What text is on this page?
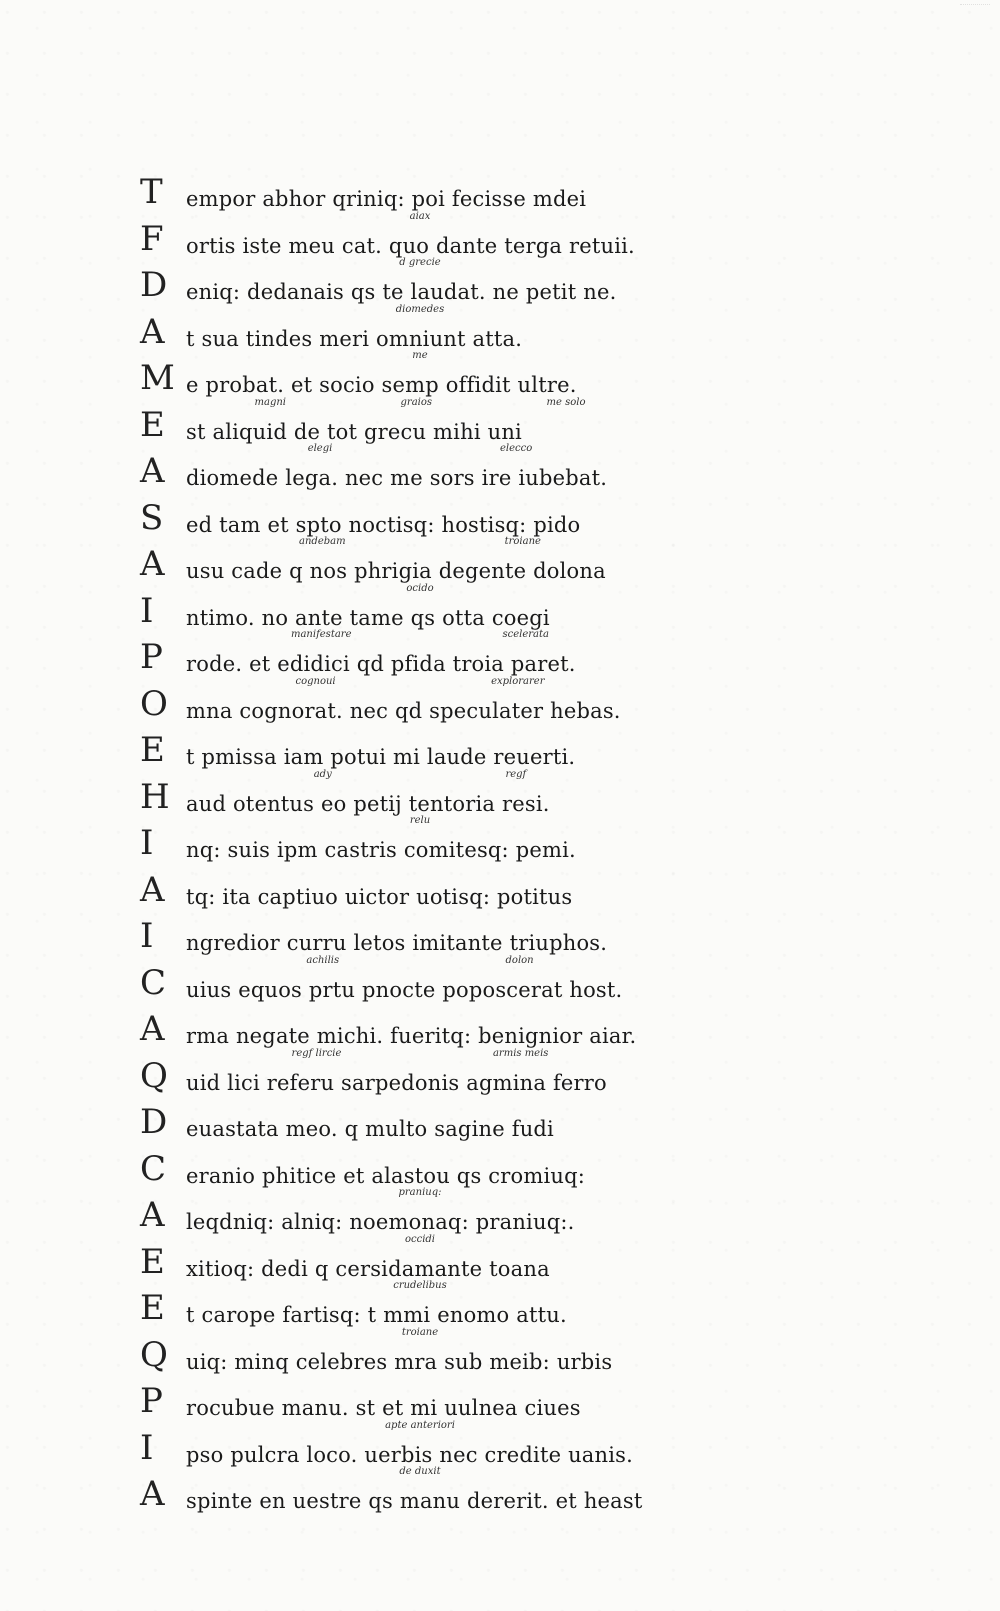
T	empor abhor qriniq: poi fecisse mdei
aiax
F	ortis iste meu cat. quo dante terga retuii.
d grecie
D eniq: dedanais qs te laudat. ne petit ne.
diomedes
A	t sua tindes meri omniunt atta.
me
M e probat. et socio semp offidit ultre.
magni	graios	me solo
E	st aliquid de tot grecu mihi uni
elegi	elecco
A	diomede lega. nec me sors ire iubebat.
S	ed tam et spto noctisq: hostisq: pido
andebam	troiane
A	usu cade q nos phrigia degente dolona
ocido
I	ntimo. no ante tame qs otta coegi
manifestare	scelerata
P	rode. et edidici qd pfida troia paret.
cognoui	explorarer
O mna cognorat. nec qd speculater hebas.
E	t pmissa iam potui mi laude reuerti.
ady	regf
H aud otentus eo petij tentoria resi.
relu
I	nq: suis ipm castris comitesq: pemi.
A	tq: ita captiuo uictor uotisq: potitus
I	ngredior curru letos imitante triuphos.
achilis	dolon
C uius equos prtu pnocte poposcerat host.
A	rma negate michi. fueritq: benignior aiar.
regf lircie	armis meis
Q uid lici referu sarpedonis agmina ferro
D euastata meo. q multo sagine fudi
C eranio phitice et alastou qs cromiuq:
praniuq:
A	leqdniq: alniq: noemonaq: praniuq:.
occidi
E	xitioq: dedi q cersidamante toana
crudelibus
E	t carope fartisq: t mmi enomo attu.
troiane
Q uiq: minq celebres mra sub meib: urbis
P	rocubue manu. st et mi uulnea ciues
apte anteriori
I	pso pulcra loco. uerbis nec credite uanis.
de duxit
A	spinte en uestre qs manu dererit. et heast
